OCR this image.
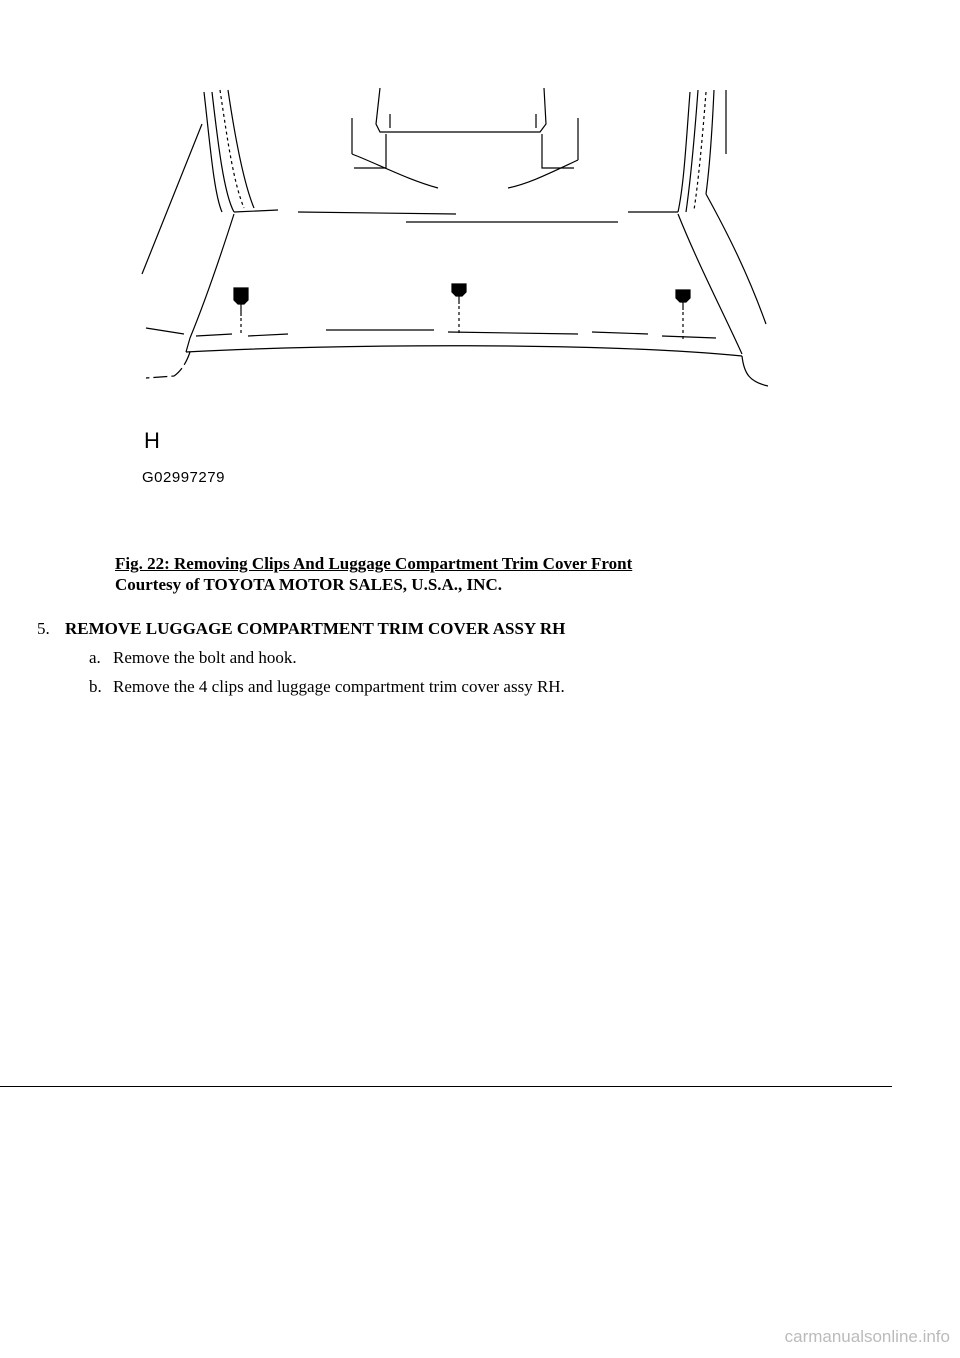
H
G02997279
Fig. 22: Removing Clips And Luggage Compartment Trim Cover Front
Courtesy of TOYOTA MOTOR SALES, U.S.A., INC.
5. REMOVE LUGGAGE COMPARTMENT TRIM COVER ASSY RH
a. Remove the bolt and hook.
b. Remove the 4 clips and luggage compartment trim cover assy RH.
carmanualsonline.info
